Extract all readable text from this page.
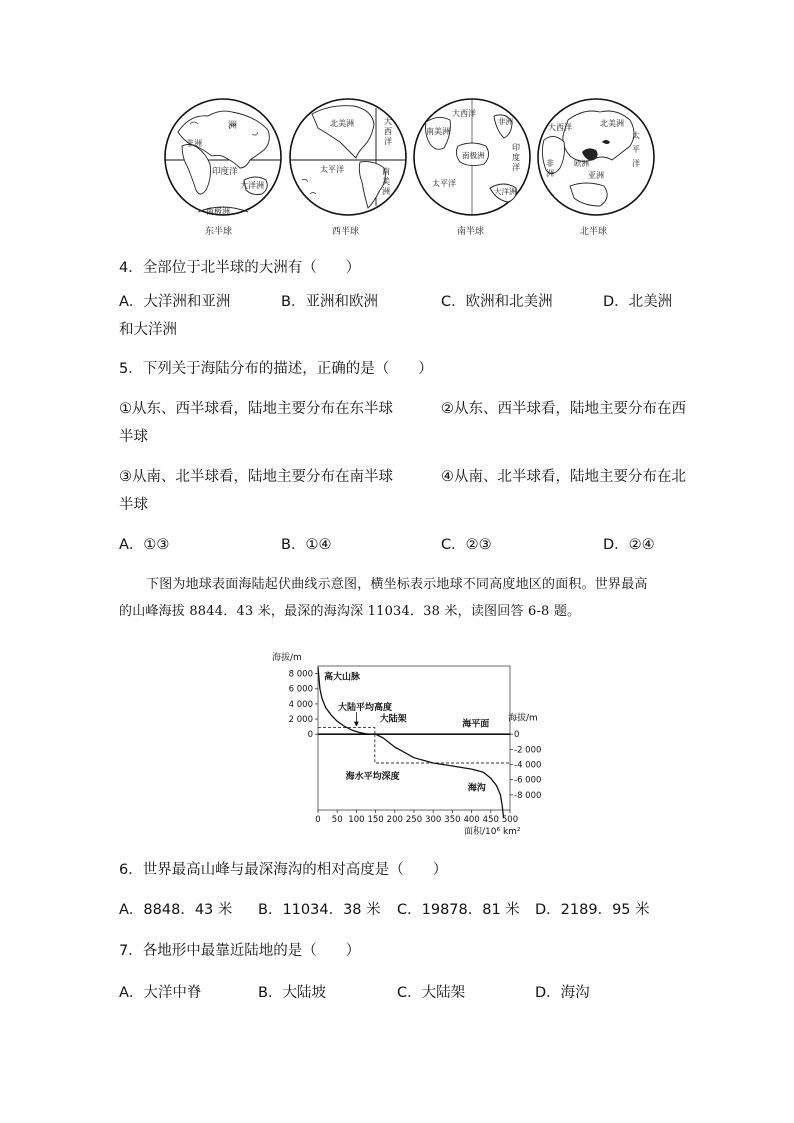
洲
非洲
印度洋
大洋洲
南极洲
东半球
北美洲	大
西
洋
太平洋	南
美
洲
西半球
大西洋
南美洲
南极洲
印
度
洋
太平洋
非洲
大洋洲
南半球
大西洋	北美洲
太
平
洋
欧洲
非
洲	亚洲
北半球
4．全部位于北半球的大洲有（　　）
A．大洋洲和亚洲	B．亚洲和欧洲	C．欧洲和北美洲	D．北美洲
和大洋洲
5．下列关于海陆分布的描述，正确的是（　　）
①从东、西半球看，陆地主要分布在东半球	②从东、西半球看，陆地主要分布在西
半球
③从南、北半球看，陆地主要分布在南半球	④从南、北半球看，陆地主要分布在北
半球
A．①③	B．①④	C．②③	D．②④
下图为地球表面海陆起伏曲线示意图，横坐标表示地球不同高度地区的面积。世界最高
的山峰海拔 8844．43 米，最深的海沟深 11034．38 米，读图回答 6-8 题。
8 000
6 000
4 000
2 000
0	0
-2 000
-4 000
-6 000
-8 000
0 50 100 150 200 250 300 350 400 450 500
海拔/m
海拔/m
面积/10⁶ km²
高大山脉
大陆平均高度
大陆架
海平面
海水平均深度
海沟
6．世界最高山峰与最深海沟的相对高度是（　　）
A．8848．43 米 B．11034．38 米 C．19878．81 米 D．2189．95 米
7．各地形中最靠近陆地的是（　　）
A．大洋中脊	B．大陆坡	C．大陆架	D．海沟
